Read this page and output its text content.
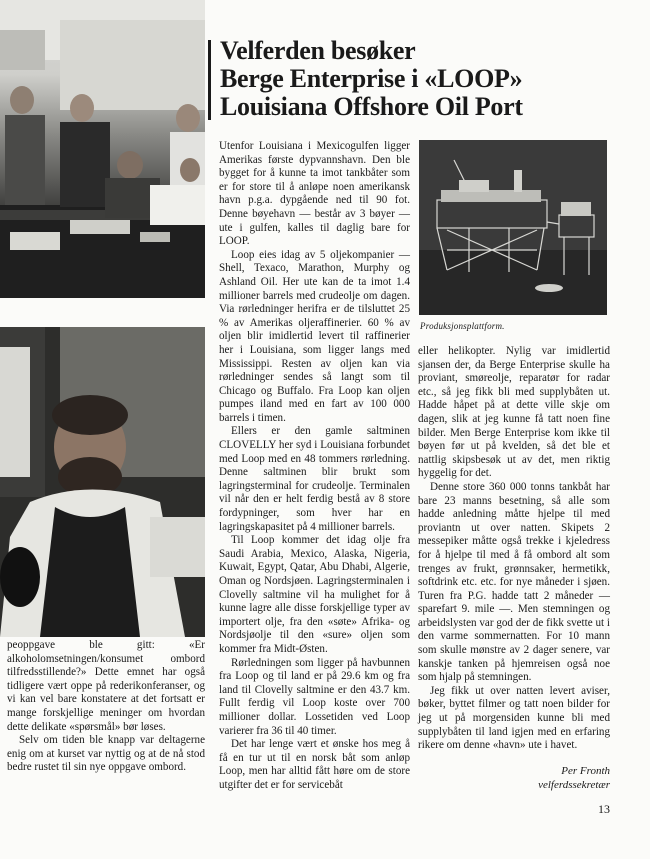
Velferden besøker
Berge Enterprise i «LOOP»
Louisiana Offshore Oil Port
Produksjonsplattform.

Utenfor Louisiana i Mexicogulfen ligger Amerikas første dypvannshavn. Den ble bygget for å kunne ta imot tankbåter som er for store til å anløpe noen amerikansk havn p.g.a. dypgående ned til 90 fot. Denne bøyehavn — består av 3 bøyer — ute i gulfen, kalles til daglig bare for LOOP.

Loop eies idag av 5 oljekompanier — Shell, Texaco, Marathon, Murphy og Ashland Oil. Her ute kan de ta imot 1.4 millioner barrels med crudeolje om dagen. Via rørledninger herifra er de tilsluttet 25 % av Amerikas oljeraffinerier. 60 % av oljen blir imidlertid levert til raffinerier her i Louisiana, som ligger langs med Mississippi. Resten av oljen kan via rørledninger sendes så langt som til Chicago og Buffalo. Fra Loop kan oljen pumpes iland med en fart av 100 000 barrels i timen.

Ellers er den gamle saltminen CLOVELLY her syd i Louisiana forbundet med Loop med en 48 tommers rørledning. Denne saltminen blir brukt som lagringsterminal for crudeolje. Terminalen vil når den er helt ferdig bestå av 8 store fordypninger, som hver har en lagringskapasitet på 4 millioner barrels.

Til Loop kommer det idag olje fra Saudi Arabia, Mexico, Alaska, Nigeria, Kuwait, Egypt, Qatar, Abu Dhabi, Algerie, Oman og Nordsjøen. Lagringsterminalen i Clovelly saltmine vil ha mulighet for å kunne lagre alle disse forskjellige typer av importert olje, fra den «søte» Afrika- og Nordsjøolje til den «sure» oljen som kommer fra Midt-Østen.

Rørledningen som ligger på havbunnen fra Loop og til land er på 29.6 km og fra land til Clovelly saltmine er den 43.7 km. Fullt ferdig vil Loop koste over 700 millioner dollar. Lossetiden ved Loop varierer fra 36 til 40 timer.

Det har lenge vært et ønske hos meg å få en tur ut til en norsk båt som anløp Loop, men har alltid fått høre om de store utgifter det er for servicebåt

eller helikopter. Nylig var imidlertid sjansen der, da Berge Enterprise skulle ha proviant, smøreolje, reparatør for radar etc., så jeg fikk bli med supplybåten ut. Hadde håpet på at dette ville skje om dagen, slik at jeg kunne få tatt noen fine bilder. Men Berge Enterprise kom ikke til bøyen før ut på kvelden, så det ble et nattlig skipsbesøk ut av det, men riktig hyggelig for det.

Denne store 360 000 tonns tankbåt har bare 23 manns besetning, så alle som hadde anledning måtte hjelpe til med proviantn ut over natten. Skipets 2 messepiker måtte også trekke i kjeledress for å hjelpe til med å få ombord alt som trenges av frukt, grønnsaker, hermetikk, softdrink etc. etc. for nye måneder i sjøen. Turen fra P.G. hadde tatt 2 måneder — sparefart 9. mile —. Men stemningen og arbeidslysten var god der de fikk svette ut i den varme sommernatten. For 10 mann som skulle mønstre av 2 dager senere, var kanskje tanken på hjemreisen også noe som hjalp på stemningen.

Jeg fikk ut over natten levert aviser, bøker, byttet filmer og tatt noen bilder for jeg ut på morgensiden kunne bli med supplybåten til land igjen med en erfaring rikere om denne «havn» ute i havet.

peoppgave ble gitt: «Er alkoholomsetningen/konsumet ombord tilfredsstillende?» Dette emnet har også tidligere vært oppe på rederikonferanser, og vi kan vel bare konstatere at det fortsatt er mange forskjellige meninger om hvordan dette delikate «spørsmål» bør løses.

Selv om tiden ble knapp var deltagerne enig om at kurset var nyttig og at de nå stod bedre rustet til sin nye oppgave ombord.	Per Fronth
velferdssekretær
13
